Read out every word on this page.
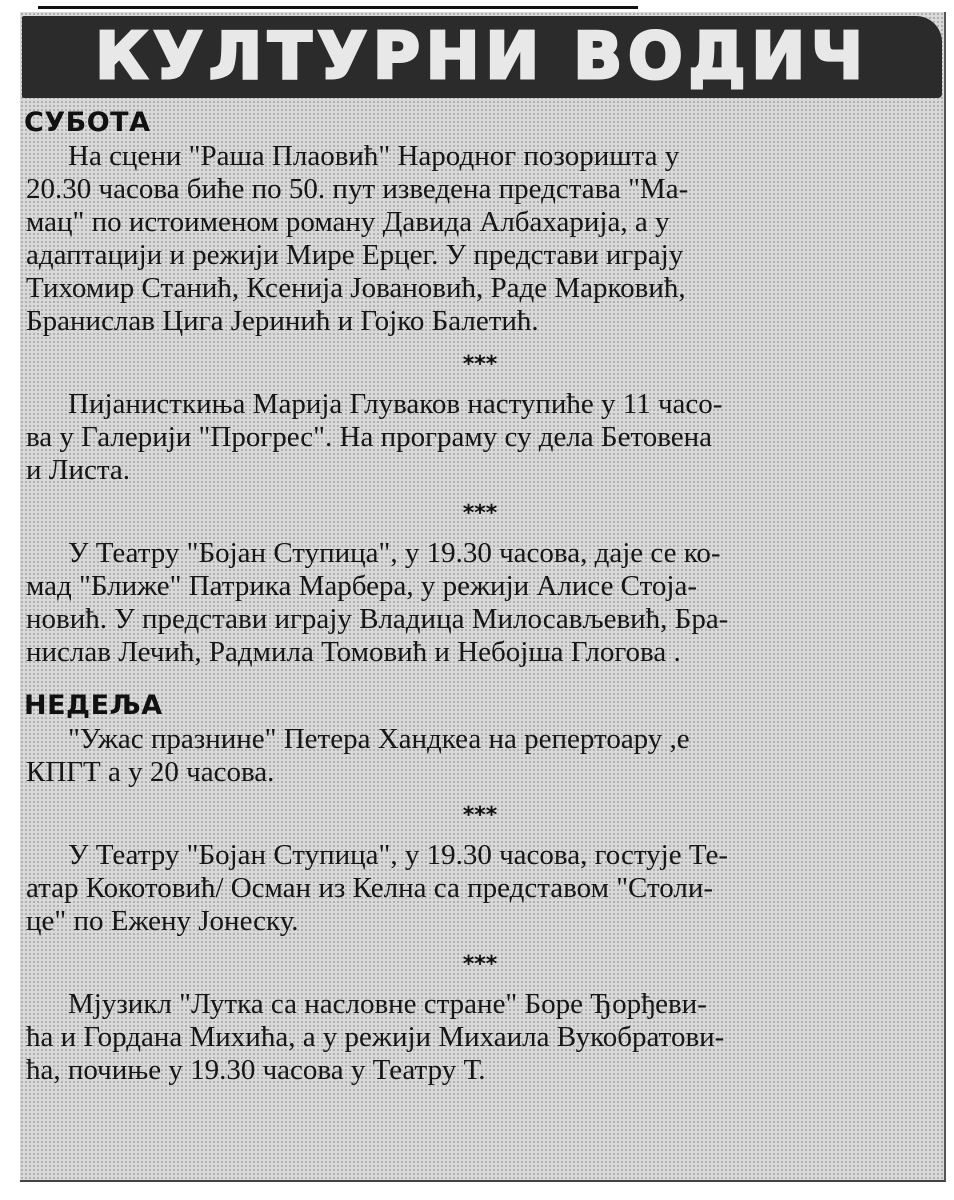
КУЛТУРНИ ВОДИЧ
СУБОТА
На сцени "Раша Плаовић" Народног позоришта у
20.30 часова биће по 50. пут изведена представа "Ма-
мац" по истоименом роману Давида Албахарија, а у
адаптацији и режији Мире Ерцег. У представи играју
Тихомир Станић, Ксенија Јовановић, Раде Марковић,
Бранислав Цига Јеринић и Гојко Балетић.
***
Пијанисткиња Марија Глуваков наступиће у 11 часо-
ва у Галерији "Прогрес". На програму су дела Бетовена
и Листа.
***
У Театру "Бојан Ступица", у 19.30 часова, даје се ко-
мад "Ближе" Патрика Марбера, у режији Алисе Стоја-
новић. У представи играју Владица Милосављевић, Бра-
нислав Лечић, Радмила Томовић и Небојша Глогова .
НЕДЕЉА
"Ужас празнине" Петера Хандкеа на репертоару ,е
КПГТ а у 20 часова.
***
У Театру "Бојан Ступица", у 19.30 часова, гостује Те-
атар Кокотовић/ Осман из Келна са представом "Столи-
це" по Ежену Јонеску.
***
Мјузикл "Лутка са насловне стране" Боре Ђорђеви-
ћа и Гордана Михића, а у режији Михаила Вукобратови-
ћа, почиње у 19.30 часова у Театру Т.
